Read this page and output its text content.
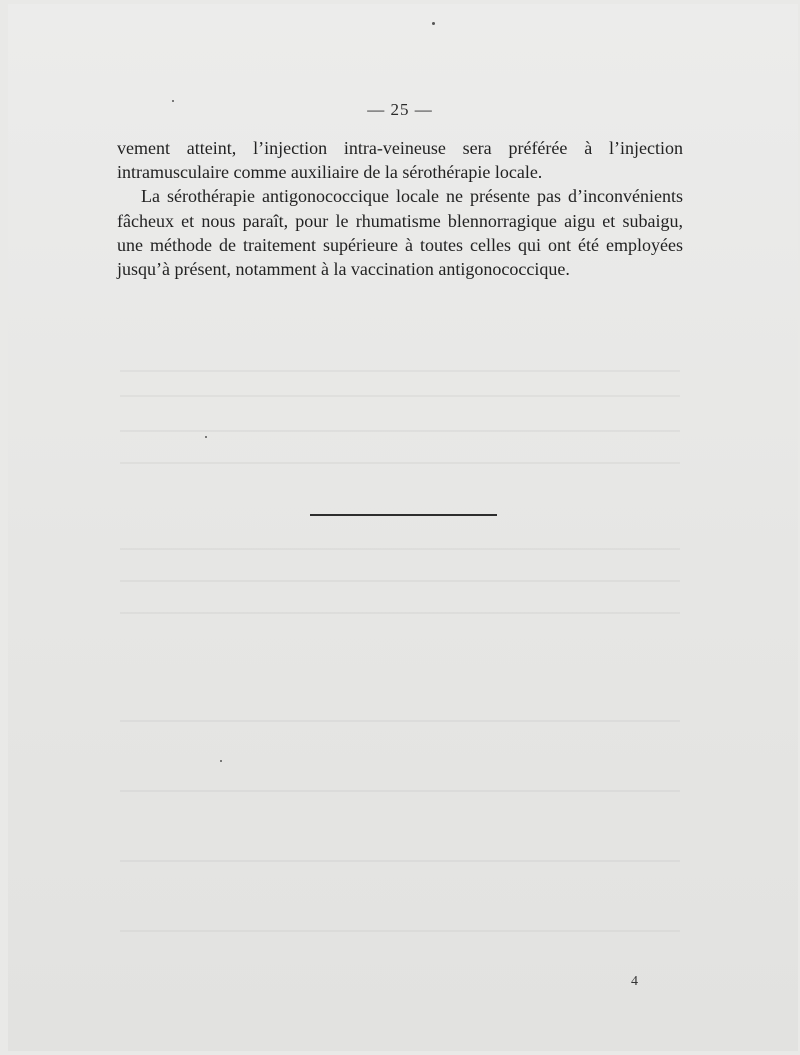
— 25 —

vement atteint, l’injection intra-veineuse sera préférée à l’injection intramusculaire comme auxiliaire de la sérothérapie locale.

La sérothérapie antigonococcique locale ne présente pas d’inconvénients fâcheux et nous paraît, pour le rhumatisme blennorragique aigu et subaigu, une méthode de traitement supérieure à toutes celles qui ont été employées jusqu’à présent, notamment à la vaccination antigonococcique.

4
